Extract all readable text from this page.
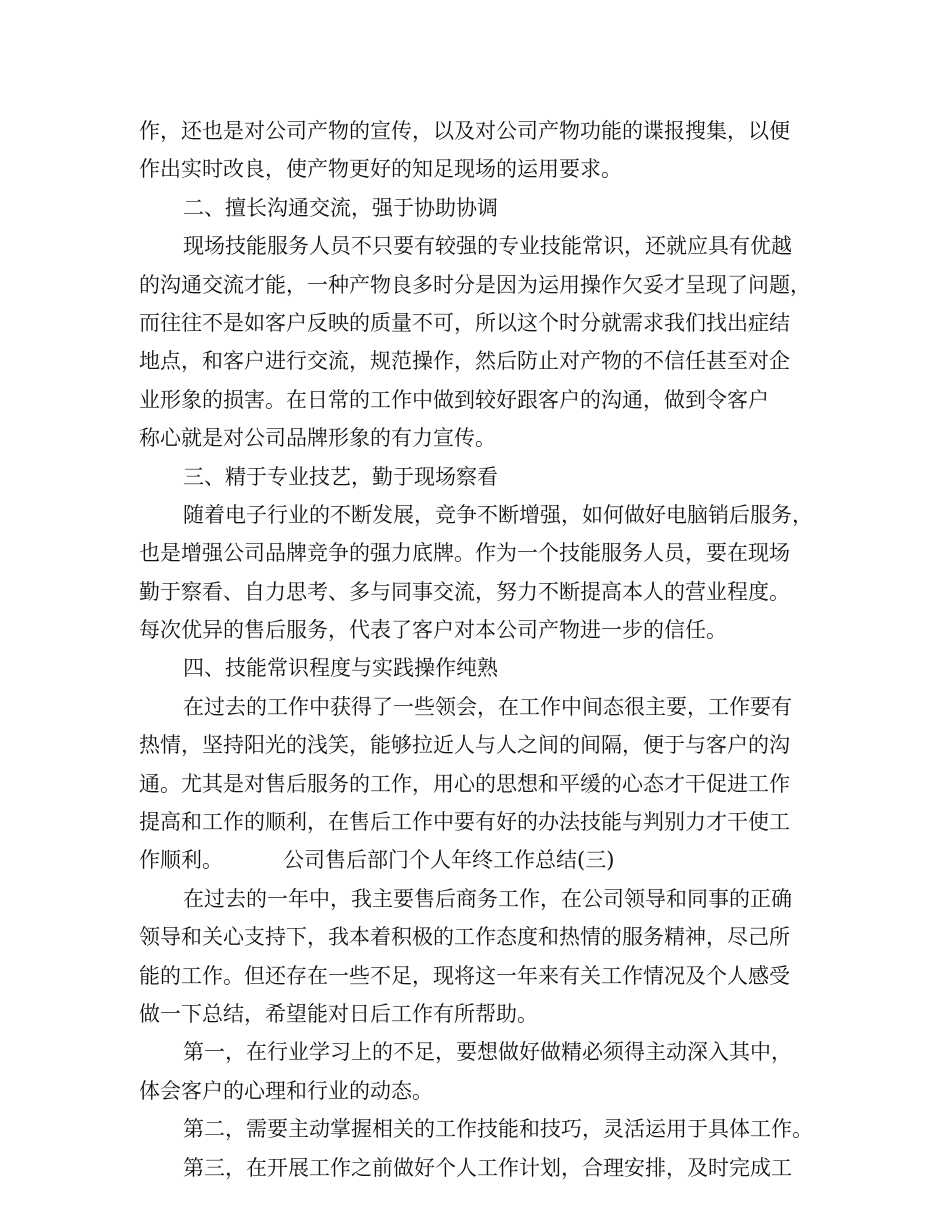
作，还也是对公司产物的宣传，以及对公司产物功能的谍报搜集，以便
作出实时改良，使产物更好的知足现场的运用要求。
二、擅长沟通交流，强于协助协调
现场技能服务人员不只要有较强的专业技能常识，还就应具有优越
的沟通交流才能，一种产物良多时分是因为运用操作欠妥才呈现了问题，
而往往不是如客户反映的质量不可，所以这个时分就需求我们找出症结
地点，和客户进行交流，规范操作，然后防止对产物的不信任甚至对企
业形象的损害。在日常的工作中做到较好跟客户的沟通，做到令客户
称心就是对公司品牌形象的有力宣传。
三、精于专业技艺，勤于现场察看
随着电子行业的不断发展，竞争不断增强，如何做好电脑销后服务，
也是增强公司品牌竞争的强力底牌。作为一个技能服务人员，要在现场
勤于察看、自力思考、多与同事交流，努力不断提高本人的营业程度。
每次优异的售后服务，代表了客户对本公司产物进一步的信任。
四、技能常识程度与实践操作纯熟
在过去的工作中获得了一些领会，在工作中间态很主要，工作要有
热情，坚持阳光的浅笑，能够拉近人与人之间的间隔，便于与客户的沟
通。尤其是对售后服务的工作，用心的思想和平缓的心态才干促进工作
提高和工作的顺利，在售后工作中要有好的办法技能与判别力才干使工
作顺利。	公司售后部门个人年终工作总结(三)
在过去的一年中，我主要售后商务工作，在公司领导和同事的正确
领导和关心支持下，我本着积极的工作态度和热情的服务精神，尽己所
能的工作。但还存在一些不足，现将这一年来有关工作情况及个人感受
做一下总结，希望能对日后工作有所帮助。
第一，在行业学习上的不足，要想做好做精必须得主动深入其中，
体会客户的心理和行业的动态。
第二，需要主动掌握相关的工作技能和技巧，灵活运用于具体工作。
第三，在开展工作之前做好个人工作计划，合理安排，及时完成工
